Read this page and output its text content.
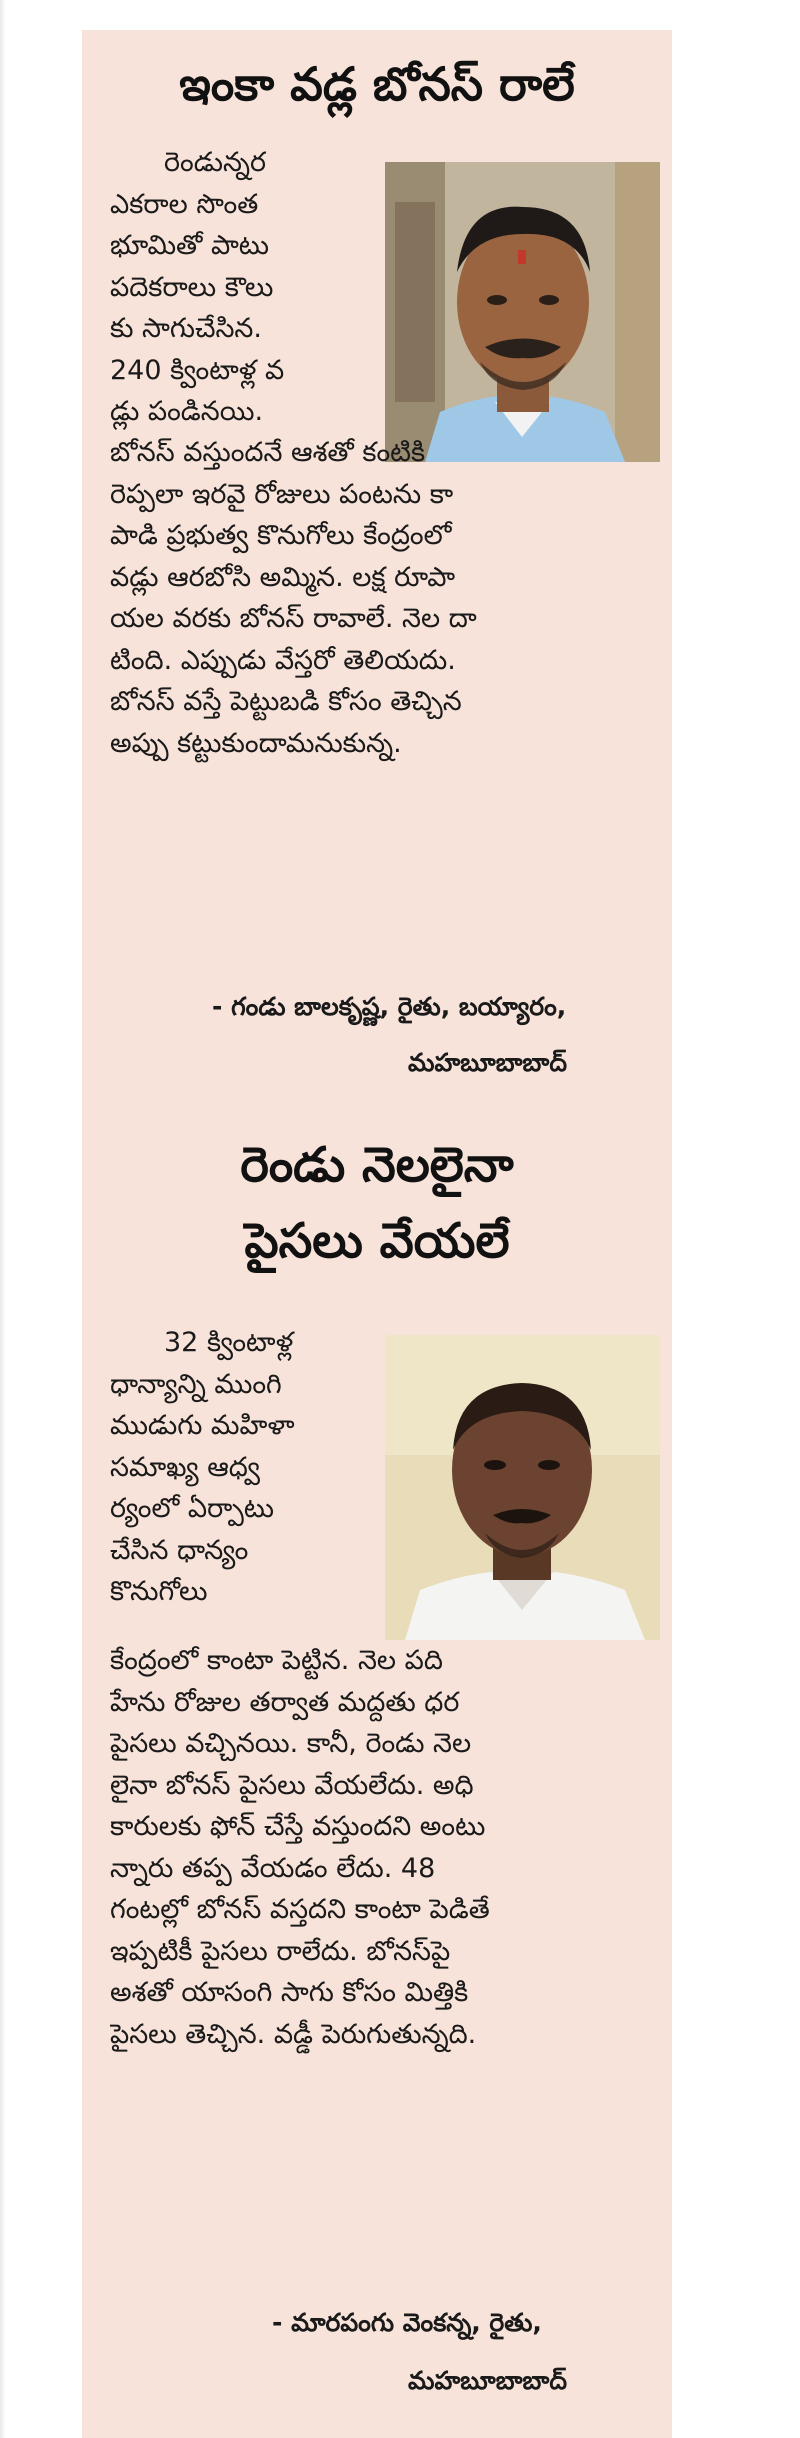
ఇంకా వడ్ల బోనస్ రాలే
రెండున్నర
ఎకరాల సొంత
భూమితో పాటు
పదెకరాలు కౌలు
కు సాగుచేసిన.
240 క్వింటాళ్ల వ
డ్లు పండినయి.
బోనస్ వస్తుందనే ఆశతో కంటికి
రెప్పలా ఇరవై రోజులు పంటను కా
పాడి ప్రభుత్వ కొనుగోలు కేంద్రంలో
వడ్లు ఆరబోసి అమ్మిన. లక్ష రూపా
యల వరకు బోనస్ రావాలే. నెల దా
టింది. ఎప్పుడు వేస్తరో తెలియదు.
బోనస్ వస్తే పెట్టుబడి కోసం తెచ్చిన
అప్పు కట్టుకుందామనుకున్న.

- గండు బాలకృష్ణ, రైతు, బయ్యారం,

మహబూబాబాద్

రెండు నెలలైనా
పైసలు వేయలే
32 క్వింటాళ్ల
ధాన్యాన్ని ముంగి
ముడుగు మహిళా
సమాఖ్య ఆధ్వ
ర్యంలో ఏర్పాటు
చేసిన ధాన్యం
కొనుగోలు
కేంద్రంలో కాంటా పెట్టిన. నెల పది
హేను రోజుల తర్వాత మద్దతు ధర
పైసలు వచ్చినయి. కానీ, రెండు నెల
లైనా బోనస్ పైసలు వేయలేదు. అధి
కారులకు ఫోన్ చేస్తే వస్తుందని అంటు
న్నారు తప్ప వేయడం లేదు. 48
గంటల్లో బోనస్ వస్తదని కాంటా పెడితే
ఇప్పటికీ పైసలు రాలేదు. బోనస్‌పై
అశతో యాసంగి సాగు కోసం మిత్తికి
పైసలు తెచ్చిన. వడ్డీ పెరుగుతున్నది.

- మారపంగు వెంకన్న, రైతు,

మహబూబాబాద్
